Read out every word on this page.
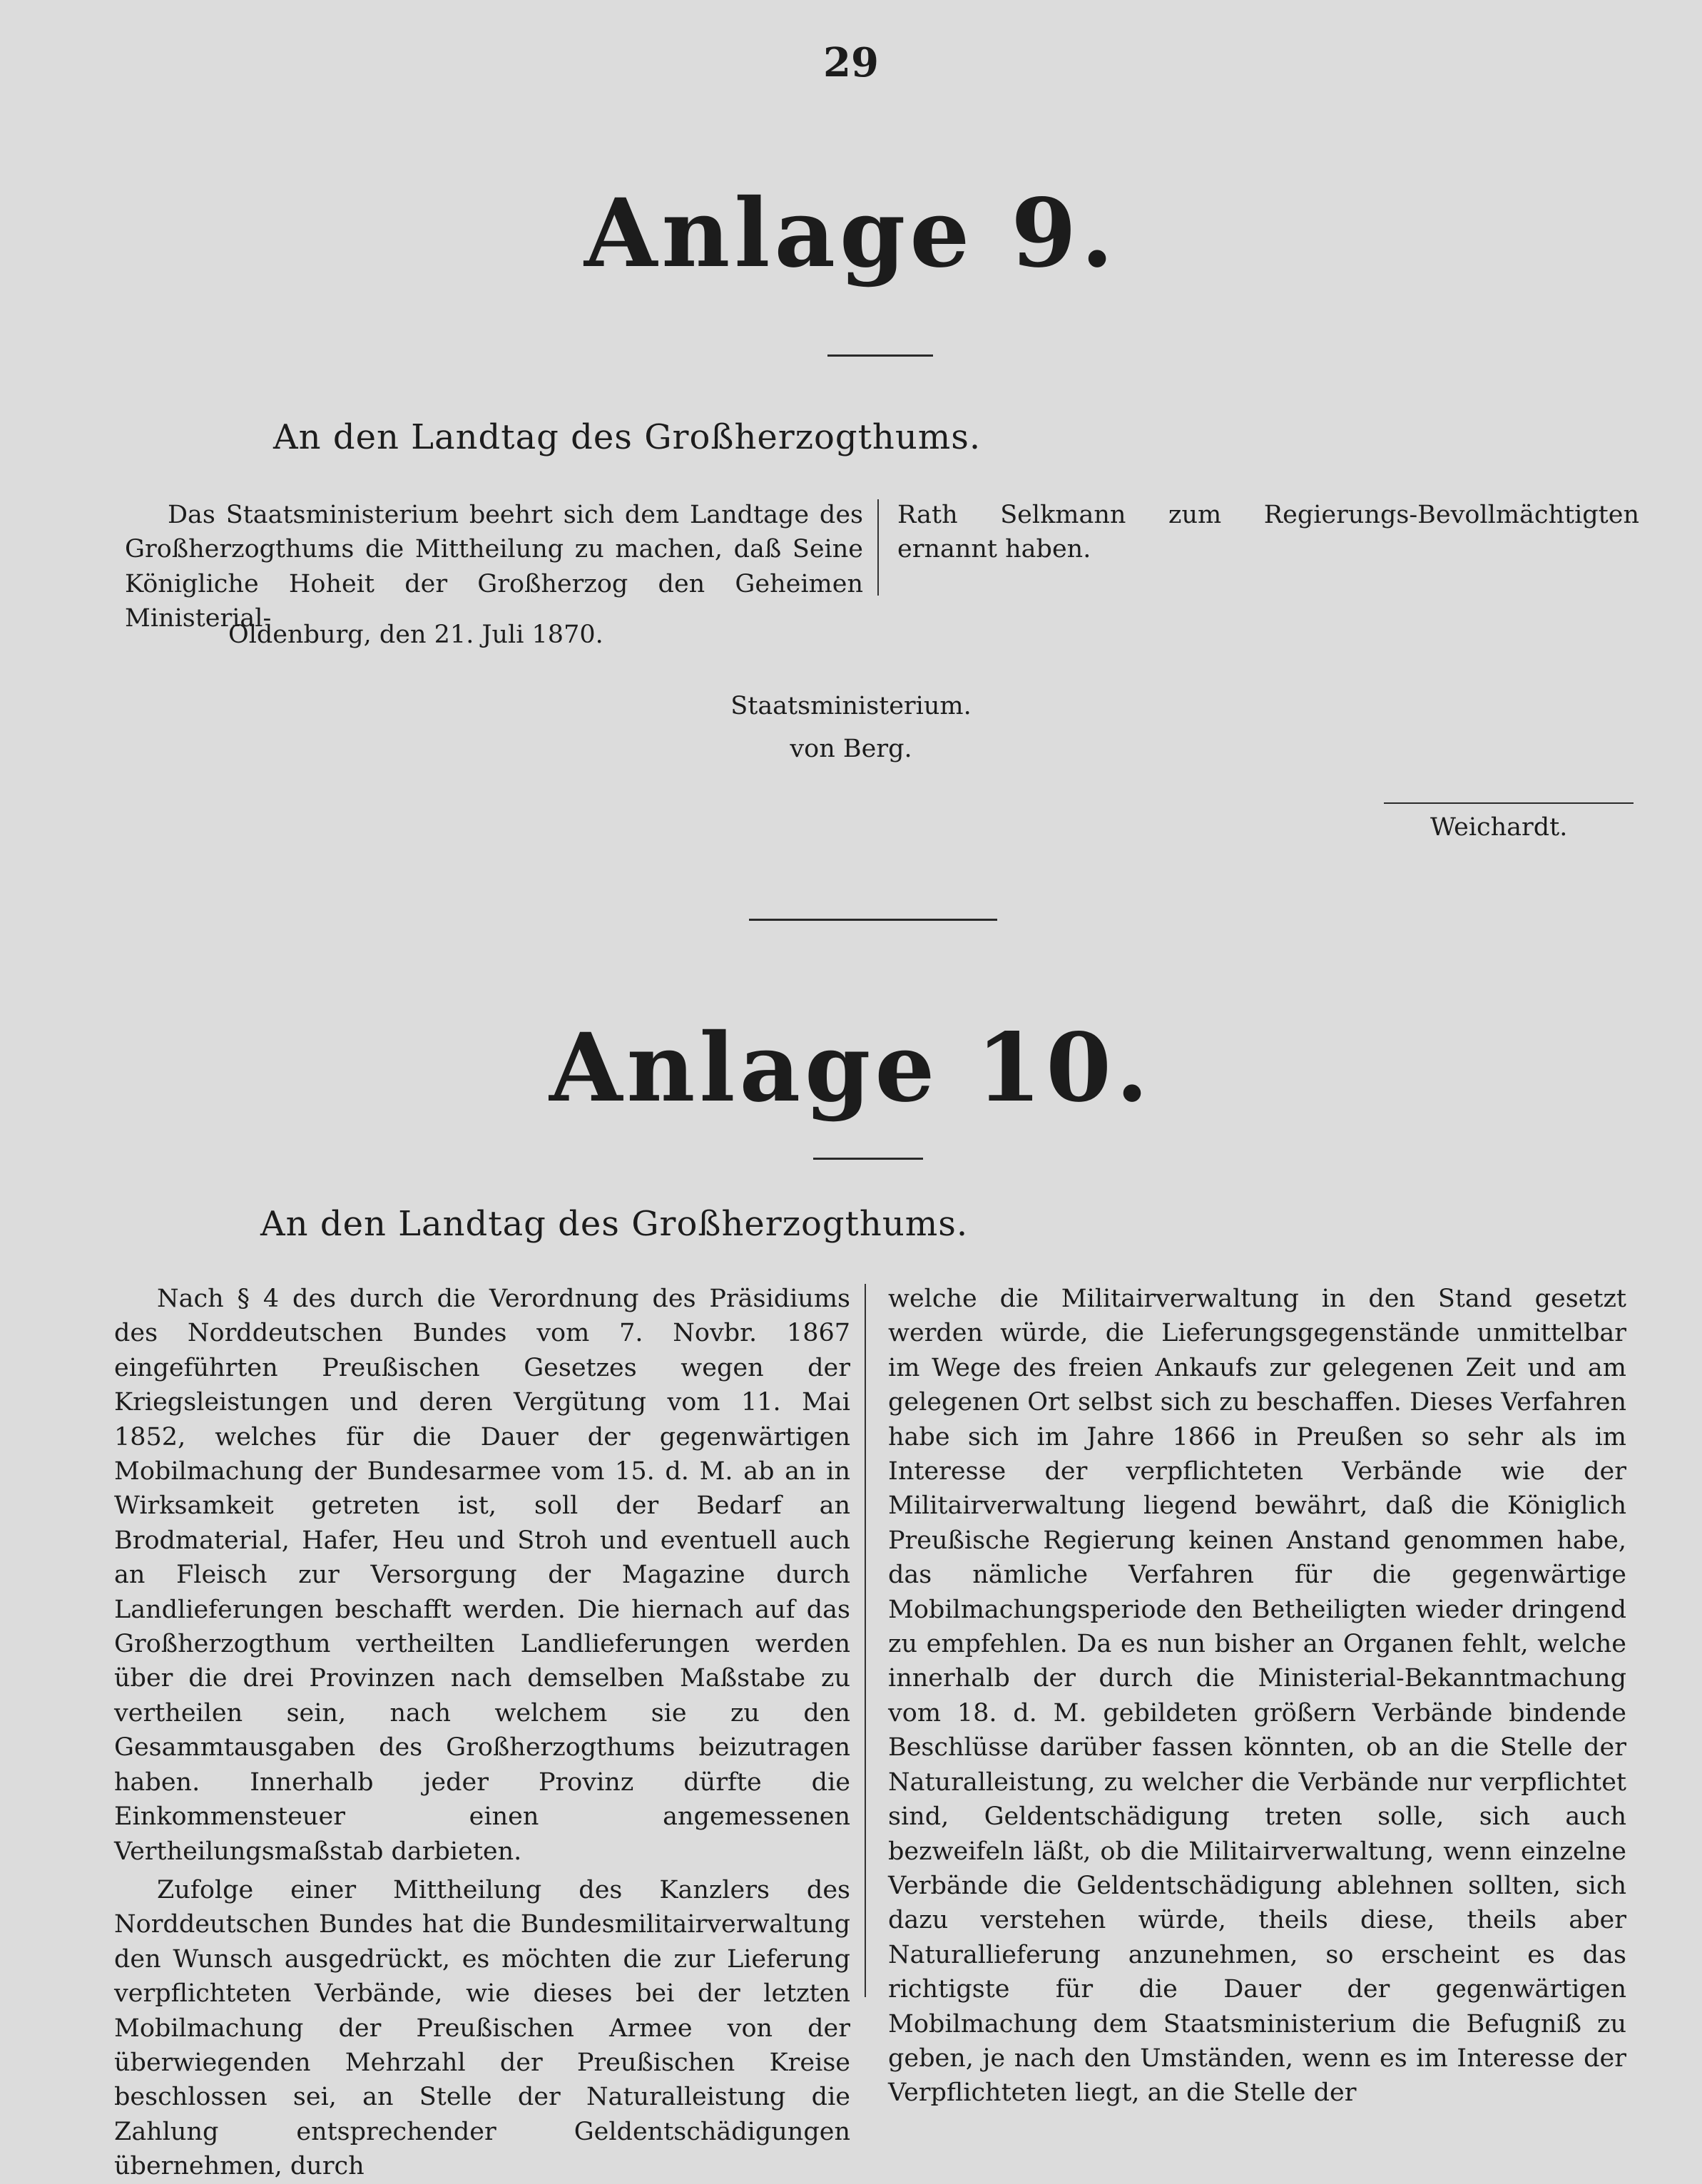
29
Anlage 9.
An den Landtag des Großherzogthums.
Das Staatsministerium beehrt sich dem Landtage des Großherzogthums die Mittheilung zu machen, daß Seine Königliche Hoheit der Großherzog den Geheimen Ministerial-
Rath Selkmann zum Regierungs-Bevollmächtigten ernannt haben.
Oldenburg, den 21. Juli 1870.
Staatsministerium.
von Berg.
Weichardt.
Anlage 10.
An den Landtag des Großherzogthums.

Nach § 4 des durch die Verordnung des Präsidiums des Norddeutschen Bundes vom 7. Novbr. 1867 eingeführten Preußischen Gesetzes wegen der Kriegsleistungen und deren Vergütung vom 11. Mai 1852, welches für die Dauer der gegenwärtigen Mobilmachung der Bundesarmee vom 15. d. M. ab an in Wirksamkeit getreten ist, soll der Bedarf an Brodmaterial, Hafer, Heu und Stroh und eventuell auch an Fleisch zur Versorgung der Magazine durch Landlieferungen beschafft werden. Die hiernach auf das Großherzogthum vertheilten Landlieferungen werden über die drei Provinzen nach demselben Maßstabe zu vertheilen sein, nach welchem sie zu den Gesammtausgaben des Großherzogthums beizutragen haben. Innerhalb jeder Provinz dürfte die Einkommensteuer einen angemessenen Vertheilungsmaßstab darbieten.

Zufolge einer Mittheilung des Kanzlers des Norddeutschen Bundes hat die Bundesmilitairverwaltung den Wunsch ausgedrückt, es möchten die zur Lieferung verpflichteten Verbände, wie dieses bei der letzten Mobilmachung der Preußischen Armee von der überwiegenden Mehrzahl der Preußischen Kreise beschlossen sei, an Stelle der Naturalleistung die Zahlung entsprechender Geldentschädigungen übernehmen, durch

welche die Militairverwaltung in den Stand gesetzt werden würde, die Lieferungsgegenstände unmittelbar im Wege des freien Ankaufs zur gelegenen Zeit und am gelegenen Ort selbst sich zu beschaffen. Dieses Verfahren habe sich im Jahre 1866 in Preußen so sehr als im Interesse der verpflichteten Verbände wie der Militairverwaltung liegend bewährt, daß die Königlich Preußische Regierung keinen Anstand genommen habe, das nämliche Verfahren für die gegenwärtige Mobilmachungsperiode den Betheiligten wieder dringend zu empfehlen. Da es nun bisher an Organen fehlt, welche innerhalb der durch die Ministerial-Bekanntmachung vom 18. d. M. gebildeten größern Verbände bindende Beschlüsse darüber fassen könnten, ob an die Stelle der Naturalleistung, zu welcher die Verbände nur verpflichtet sind, Geldentschädigung treten solle, sich auch bezweifeln läßt, ob die Militairverwaltung, wenn einzelne Verbände die Geldentschädigung ablehnen sollten, sich dazu verstehen würde, theils diese, theils aber Naturallieferung anzunehmen, so erscheint es das richtigste für die Dauer der gegenwärtigen Mobilmachung dem Staatsministerium die Befugniß zu geben, je nach den Umständen, wenn es im Interesse der Verpflichteten liegt, an die Stelle der
